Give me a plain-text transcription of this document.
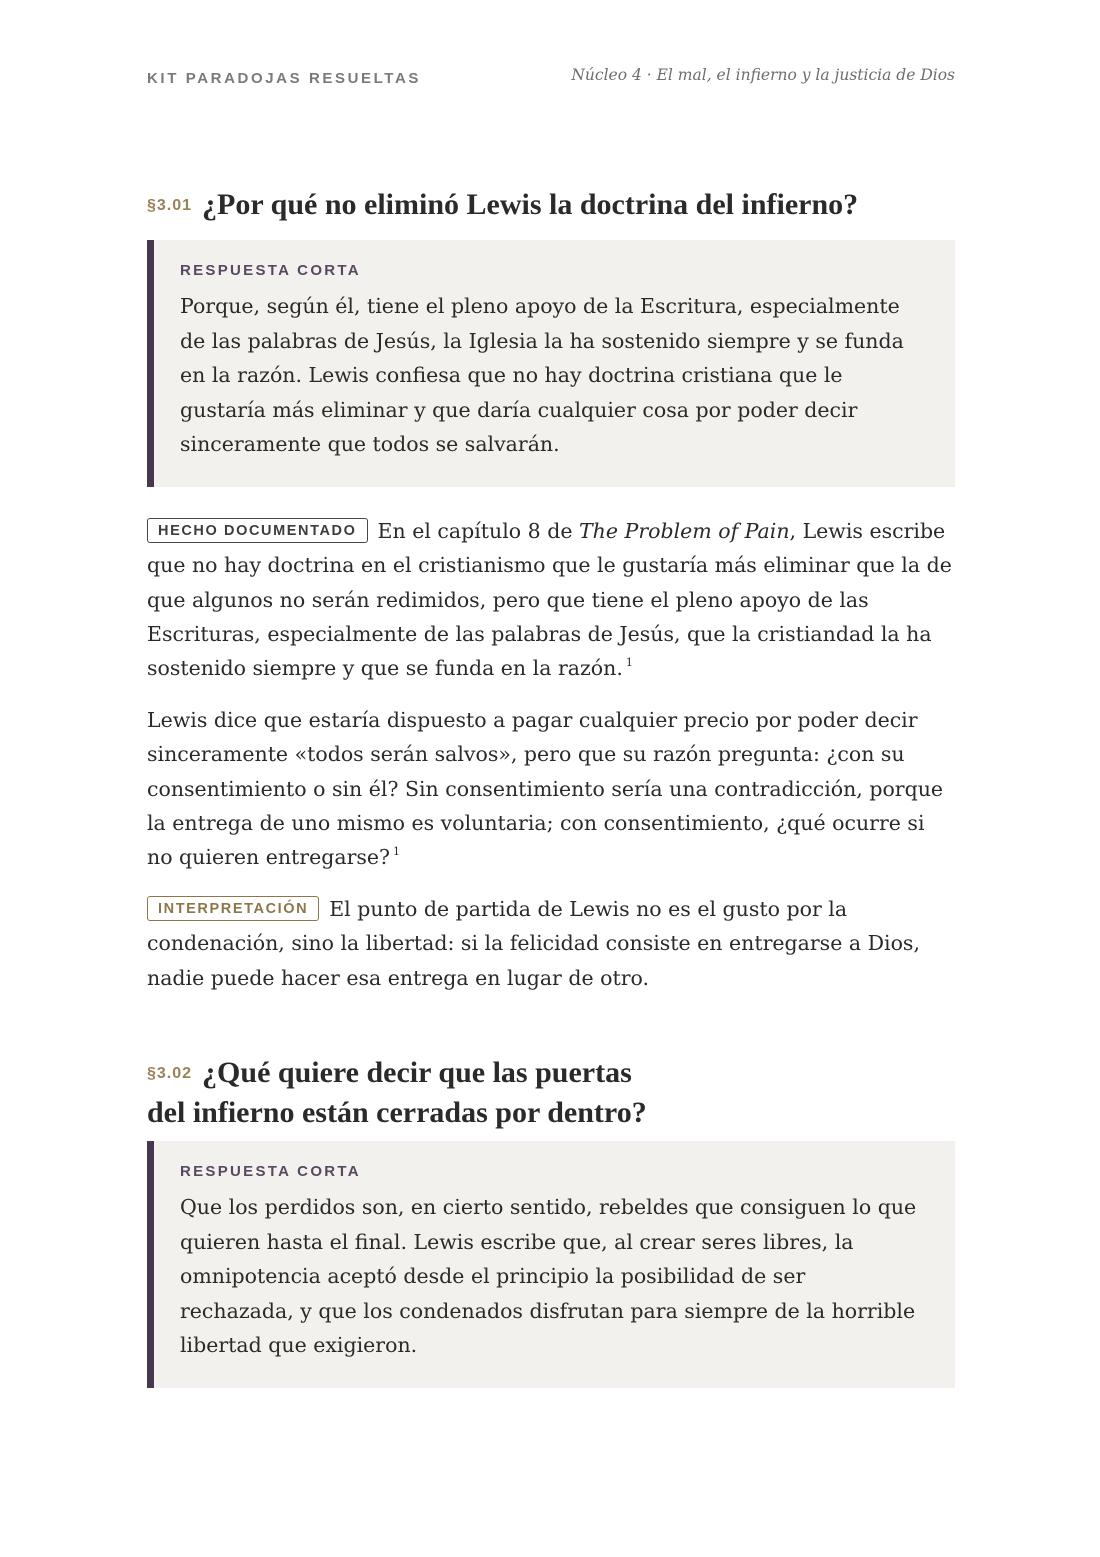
KIT PARADOJAS RESUELTAS	Núcleo 4 · El mal, el infierno y la justicia de Dios
§3.01 ¿Por qué no eliminó Lewis la doctrina del infierno?
RESPUESTA CORTA
Porque, según él, tiene el pleno apoyo de la Escritura, especialmente de las palabras de Jesús, la Iglesia la ha sostenido siempre y se funda en la razón. Lewis confiesa que no hay doctrina cristiana que le gustaría más eliminar y que daría cualquier cosa por poder decir sinceramente que todos se salvarán.

HECHO DOCUMENTADO En el capítulo 8 de The Problem of Pain, Lewis escribe que no hay doctrina en el cristianismo que le gustaría más eliminar que la de que algunos no serán redimidos, pero que tiene el pleno apoyo de las Escrituras, especialmente de las palabras de Jesús, que la cristiandad la ha sostenido siempre y que se funda en la razón. $^1$

Lewis dice que estaría dispuesto a pagar cualquier precio por poder decir sinceramente «todos serán salvos», pero que su razón pregunta: ¿con su consentimiento o sin él? Sin consentimiento sería una contradicción, porque la entrega de uno mismo es voluntaria; con consentimiento, ¿qué ocurre si no quieren entregarse? $^1$

INTERPRETACIÓN El punto de partida de Lewis no es el gusto por la condenación, sino la libertad: si la felicidad consiste en entregarse a Dios, nadie puede hacer esa entrega en lugar de otro.

§3.02 ¿Qué quiere decir que las puertas
del infierno están cerradas por dentro?
RESPUESTA CORTA
Que los perdidos son, en cierto sentido, rebeldes que consiguen lo que quieren hasta el final. Lewis escribe que, al crear seres libres, la omnipotencia aceptó desde el principio la posibilidad de ser rechazada, y que los condenados disfrutan para siempre de la horrible libertad que exigieron.
